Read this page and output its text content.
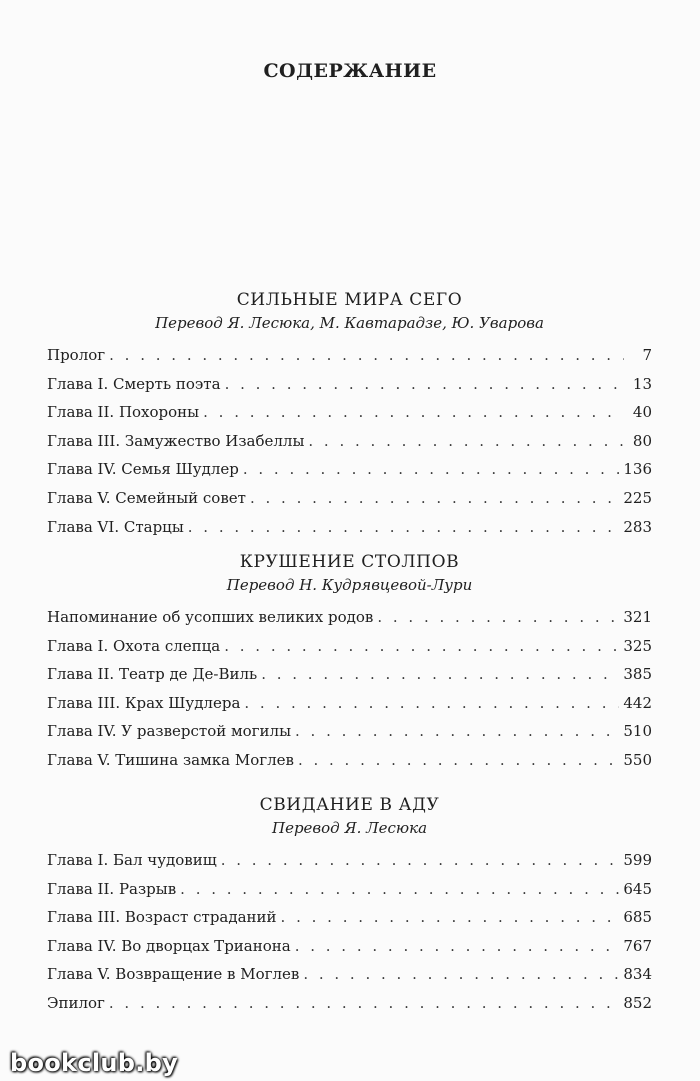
СОДЕРЖАНИЕ
СИЛЬНЫЕ МИРА СЕГО
Перевод Я. Лесюка, М. Кавтарадзе, Ю. Уварова
Пролог . . .	7
Глава I. Смерть поэта . . .	13
Глава II. Похороны . . .	40
Глава III. Замужество Изабеллы . . .	80
Глава IV. Семья Шудлер . . .	136
Глава V. Семейный совет . . .	225
Глава VI. Старцы . . .	283
КРУШЕНИЕ СТОЛПОВ
Перевод Н. Кудрявцевой-Лури
Напоминание об усопших великих родов . . .	321
Глава I. Охота слепца . . .	325
Глава II. Театр де Де-Виль . . .	385
Глава III. Крах Шудлера . . .	442
Глава IV. У разверстой могилы . . .	510
Глава V. Тишина замка Моглев . . .	550
СВИДАНИЕ В АДУ
Перевод Я. Лесюка
Глава I. Бал чудовищ . . .	599
Глава II. Разрыв . . .	645
Глава III. Возраст страданий . . .	685
Глава IV. Во дворцах Трианона . . .	767
Глава V. Возвращение в Моглев . . .	834
Эпилог . . .	852
bookclub.by
